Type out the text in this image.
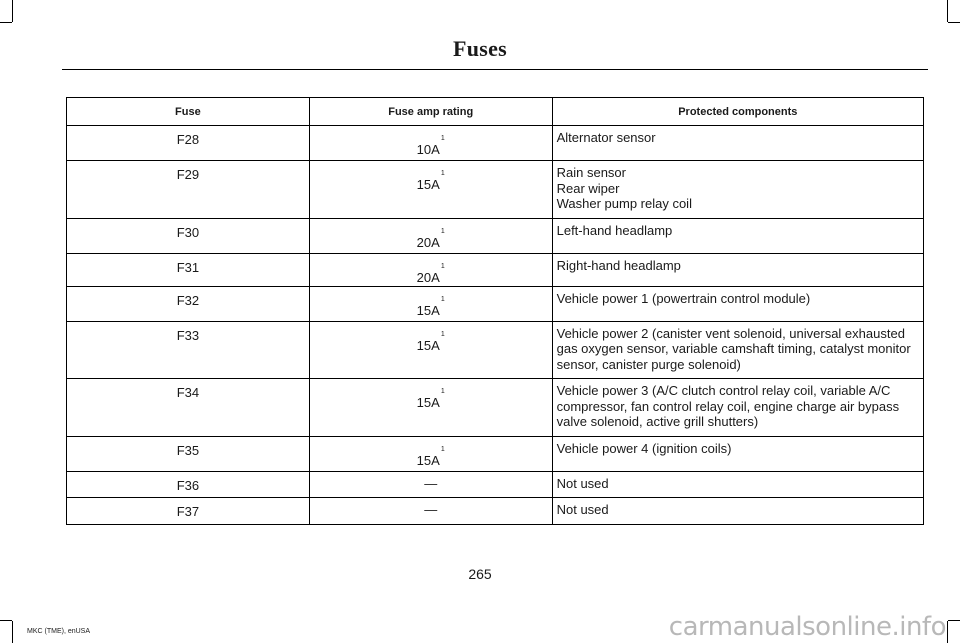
Fuses
Fuse	Fuse amp rating	Protected components
F28	10A$^1$	Alternator sensor

F29	15A$^1$	Rain sensor
Rear wiper
Washer pump relay coil

F30	20A$^1$	Left-hand headlamp

F31	20A$^1$	Right-hand headlamp

F32	15A$^1$	Vehicle power 1 (powertrain control module)

F33	15A$^1$	Vehicle power 2 (canister vent solenoid, universal exhausted
gas oxygen sensor, variable camshaft timing, catalyst monitor
sensor, canister purge solenoid)

F34	15A$^1$	Vehicle power 3 (A/C clutch control relay coil, variable A/C
compressor, fan control relay coil, engine charge air bypass
valve solenoid, active grill shutters)

F35	15A$^1$	Vehicle power 4 (ignition coils)

F36	—	Not used

F37	—	Not used
265
MKC (TME), enUSA	carmanualsonline.info
